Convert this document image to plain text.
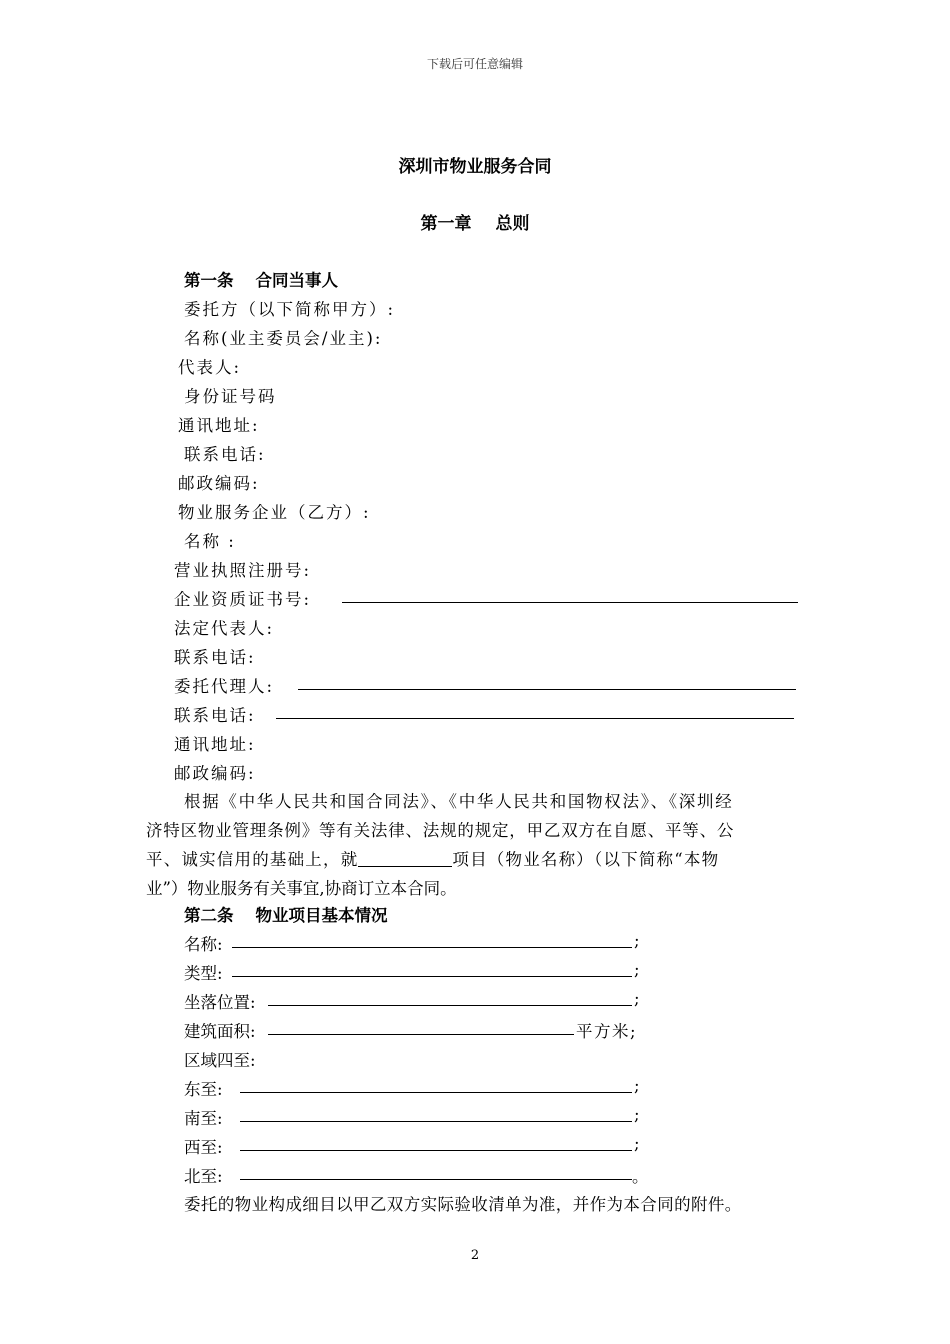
下载后可任意编辑
深圳市物业服务合同
第一章 总则
第一条 合同当事人
委托方（以下简称甲方）:
名称(业主委员会/业主):
代表人:
身份证号码
通讯地址:
联系电话:
邮政编码:
物业服务企业（乙方）:
名称 :
营业执照注册号:
企业资质证书号:
法定代表人:
联系电话:
委托代理人:
联系电话:
通讯地址:
邮政编码:
根据《中华人民共和国合同法》、《中华人民共和国物权法》、《深圳经
济特区物业管理条例》等有关法律、法规的规定，甲乙双方在自愿、平等、公
平、诚实信用的基础上，就	项目（物业名称）（以下简称“本物
业”）物业服务有关事宜,协商订立本合同。
第二条 物业项目基本情况
名称:	;
类型:	;
坐落位置:	;
建筑面积:	平方米;
区域四至:
东至:	;
南至:	;
西至:	;
北至:	。
委托的物业构成细目以甲乙双方实际验收清单为准，并作为本合同的附件。
2
